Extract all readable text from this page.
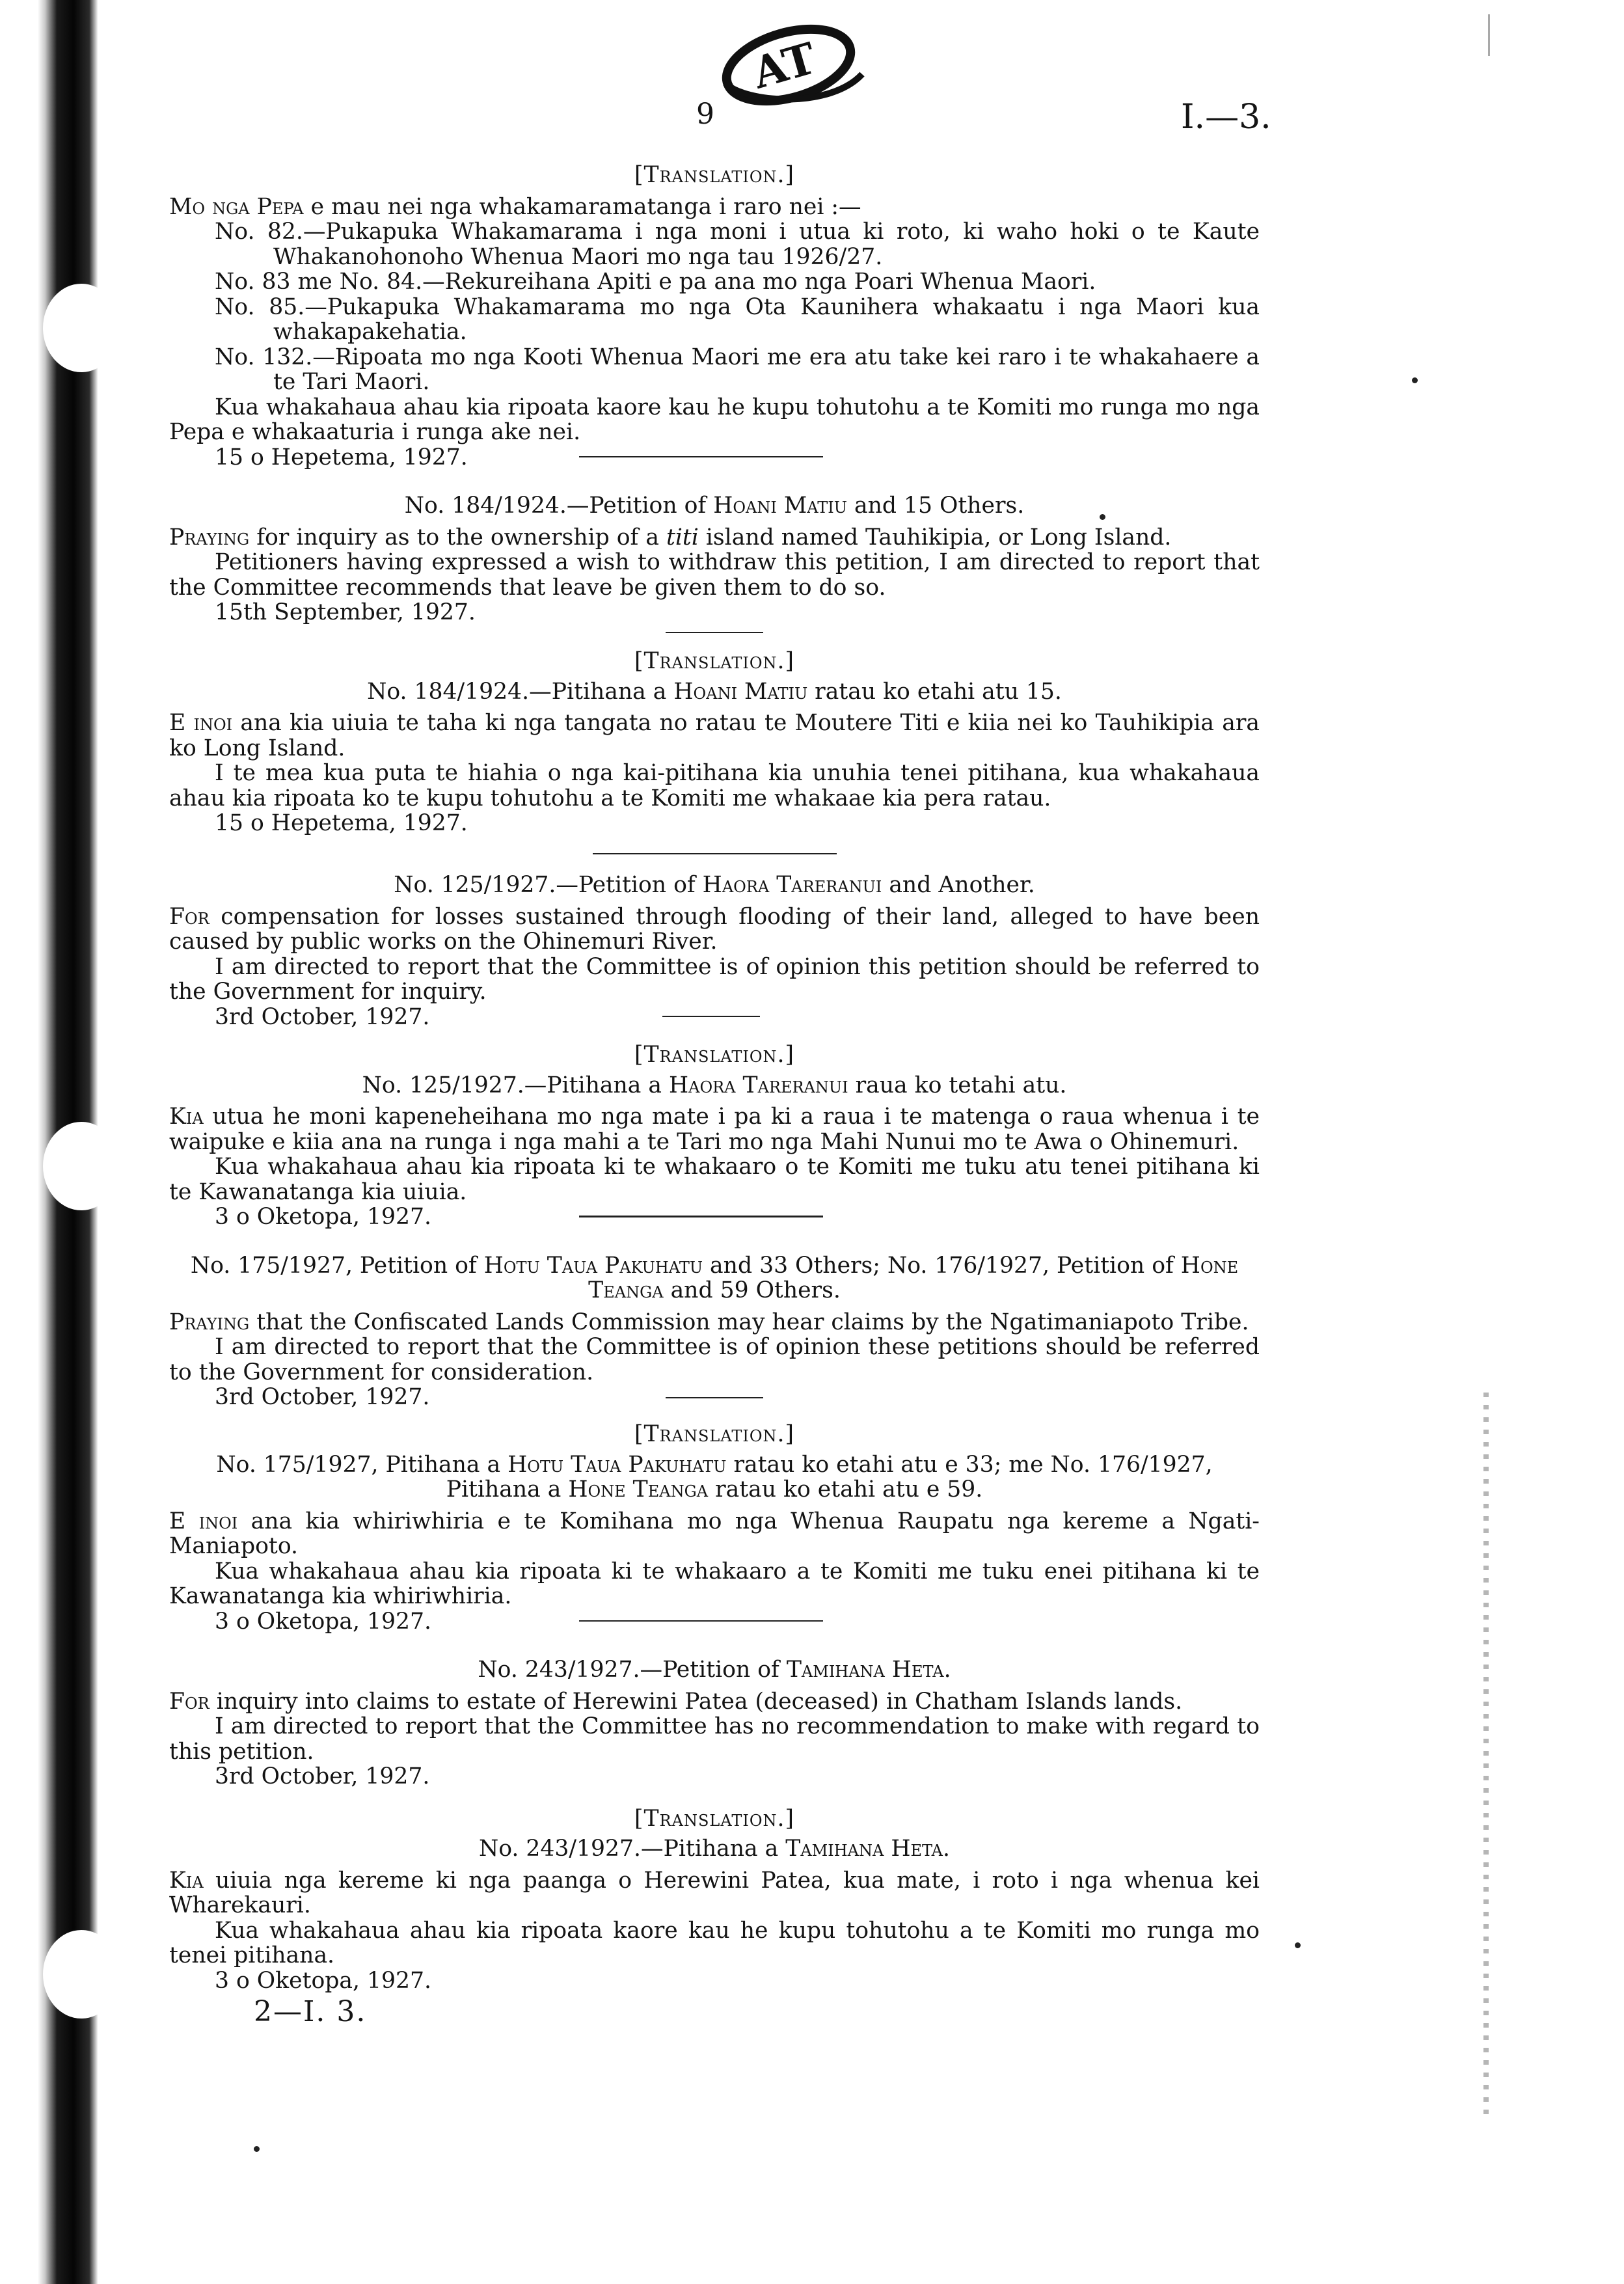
AT
9	I.—3.

[Translation.]

Mo nga Pepa e mau nei nga whakamaramatanga i raro nei :—

No. 82.—Pukapuka Whakamarama i nga moni i utua ki roto, ki waho hoki o te Kaute Whakanohonoho Whenua Maori mo nga tau 1926/27.

No. 83 me No. 84.—Rekureihana Apiti e pa ana mo nga Poari Whenua Maori.

No. 85.—Pukapuka Whakamarama mo nga Ota Kaunihera whakaatu i nga Maori kua whakapakehatia.

No. 132.—Ripoata mo nga Kooti Whenua Maori me era atu take kei raro i te whakahaere a te Tari Maori.

Kua whakahaua ahau kia ripoata kaore kau he kupu tohutohu a te Komiti mo runga mo nga Pepa e whakaaturia i runga ake nei.

15 o Hepetema, 1927.

No. 184/1924.—Petition of Hoani Matiu and 15 Others.

Praying for inquiry as to the ownership of a titi island named Tauhikipia, or Long Island.

Petitioners having expressed a wish to withdraw this petition, I am directed to report that the Committee recommends that leave be given them to do so.

15th September, 1927.

[Translation.]

No. 184/1924.—Pitihana a Hoani Matiu ratau ko etahi atu 15.

E inoi ana kia uiuia te taha ki nga tangata no ratau te Moutere Titi e kiia nei ko Tauhikipia ara ko Long Island.

I te mea kua puta te hiahia o nga kai-pitihana kia unuhia tenei pitihana, kua whakahaua ahau kia ripoata ko te kupu tohutohu a te Komiti me whakaae kia pera ratau.

15 o Hepetema, 1927.

No. 125/1927.—Petition of Haora Tareranui and Another.

For compensation for losses sustained through flooding of their land, alleged to have been caused by public works on the Ohinemuri River.

I am directed to report that the Committee is of opinion this petition should be referred to the Government for inquiry.

3rd October, 1927.

[Translation.]

No. 125/1927.—Pitihana a Haora Tareranui raua ko tetahi atu.

Kia utua he moni kapeneheihana mo nga mate i pa ki a raua i te matenga o raua whenua i te waipuke e kiia ana na runga i nga mahi a te Tari mo nga Mahi Nunui mo te Awa o Ohinemuri.

Kua whakahaua ahau kia ripoata ki te whakaaro o te Komiti me tuku atu tenei pitihana ki te Kawanatanga kia uiuia.

3 o Oketopa, 1927.

No. 175/1927, Petition of Hotu Taua Pakuhatu and 33 Others; No. 176/1927, Petition of Hone Teanga and 59 Others.

Praying that the Confiscated Lands Commission may hear claims by the Ngatimaniapoto Tribe.

I am directed to report that the Committee is of opinion these petitions should be referred to the Government for consideration.

3rd October, 1927.

[Translation.]

No. 175/1927, Pitihana a Hotu Taua Pakuhatu ratau ko etahi atu e 33; me No. 176/1927, Pitihana a Hone Teanga ratau ko etahi atu e 59.

E inoi ana kia whiriwhiria e te Komihana mo nga Whenua Raupatu nga kereme a Ngati-Maniapoto.

Kua whakahaua ahau kia ripoata ki te whakaaro a te Komiti me tuku enei pitihana ki te Kawanatanga kia whiriwhiria.

3 o Oketopa, 1927.

No. 243/1927.—Petition of Tamihana Heta.

For inquiry into claims to estate of Herewini Patea (deceased) in Chatham Islands lands.

I am directed to report that the Committee has no recommendation to make with regard to this petition.

3rd October, 1927.

[Translation.]

No. 243/1927.—Pitihana a Tamihana Heta.

Kia uiuia nga kereme ki nga paanga o Herewini Patea, kua mate, i roto i nga whenua kei Wharekauri.

Kua whakahaua ahau kia ripoata kaore kau he kupu tohutohu a te Komiti mo runga mo tenei pitihana.

3 o Oketopa, 1927.

2—I. 3.
